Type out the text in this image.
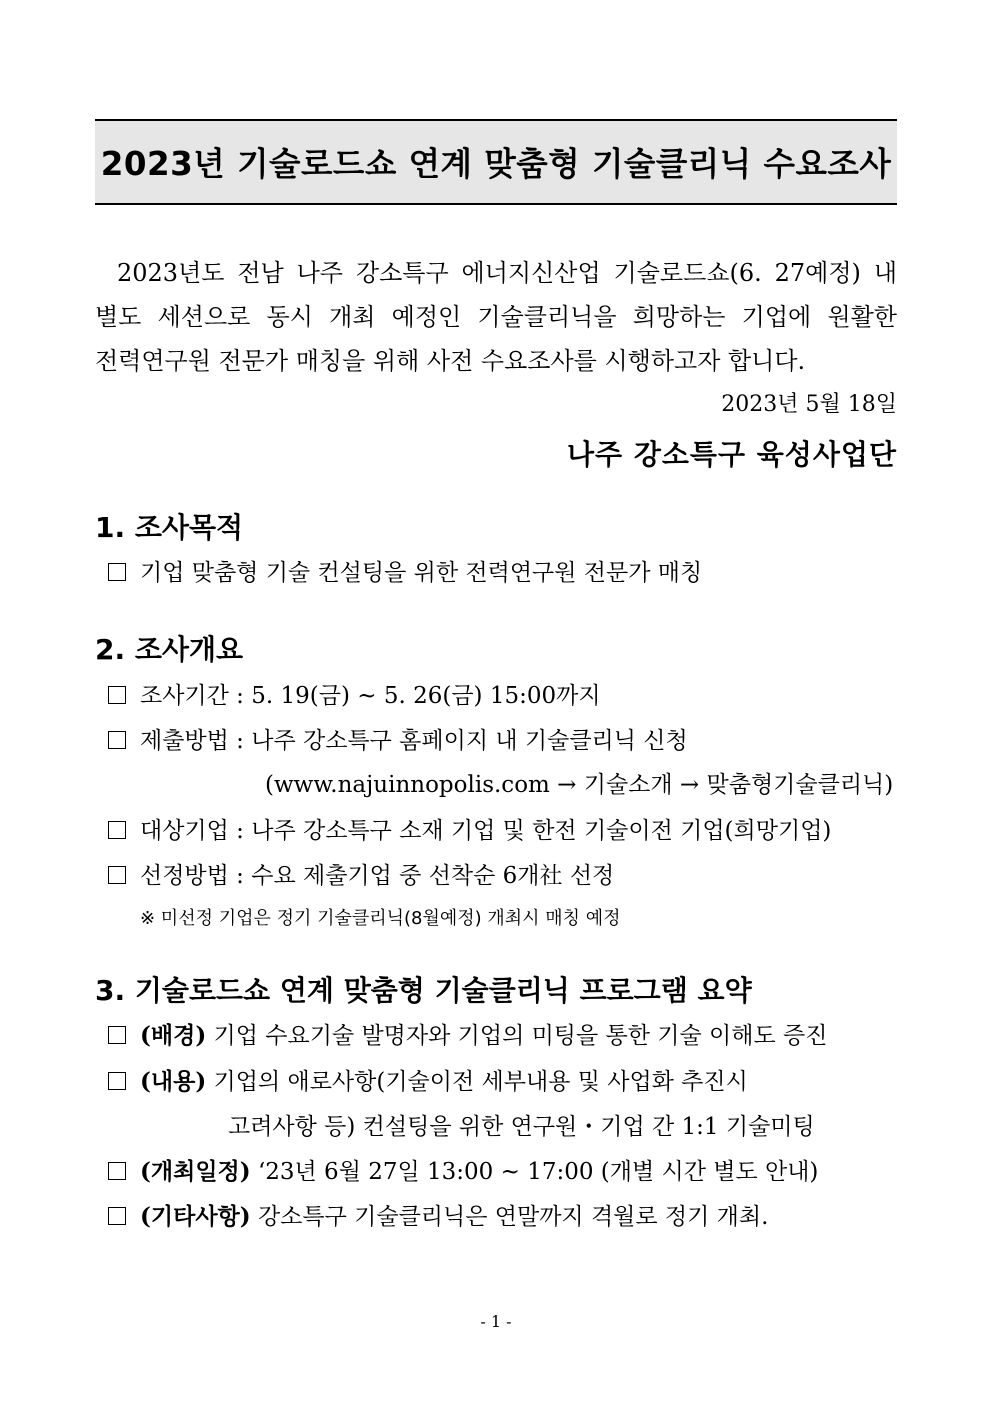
2023년 기술로드쇼 연계 맞춤형 기술클리닉 수요조사
2023년도 전남 나주 강소특구 에너지신산업 기술로드쇼(6. 27예정) 내
별도 세션으로 동시 개최 예정인 기술클리닉을 희망하는 기업에 원활한
전력연구원 전문가 매칭을 위해 사전 수요조사를 시행하고자 합니다.
2023년 5월 18일
나주 강소특구 육성사업단
1. 조사목적
기업 맞춤형 기술 컨설팅을 위한 전력연구원 전문가 매칭
2. 조사개요
조사기간 : 5. 19(금) ~ 5. 26(금) 15:00까지
제출방법 : 나주 강소특구 홈페이지 내 기술클리닉 신청
(www.najuinnopolis.com → 기술소개 → 맞춤형기술클리닉)
대상기업 : 나주 강소특구 소재 기업 및 한전 기술이전 기업(희망기업)
선정방법 : 수요 제출기업 중 선착순 6개社 선정
※ 미선정 기업은 정기 기술클리닉(8월예정) 개최시 매칭 예정
3. 기술로드쇼 연계 맞춤형 기술클리닉 프로그램 요약
(배경) 기업 수요기술 발명자와 기업의 미팅을 통한 기술 이해도 증진
(내용) 기업의 애로사항(기술이전 세부내용 및 사업화 추진시
고려사항 등) 컨설팅을 위한 연구원・기업 간 1:1 기술미팅
(개최일정) ‘23년 6월 27일 13:00 ~ 17:00 (개별 시간 별도 안내)
(기타사항) 강소특구 기술클리닉은 연말까지 격월로 정기 개최.
- 1 -
